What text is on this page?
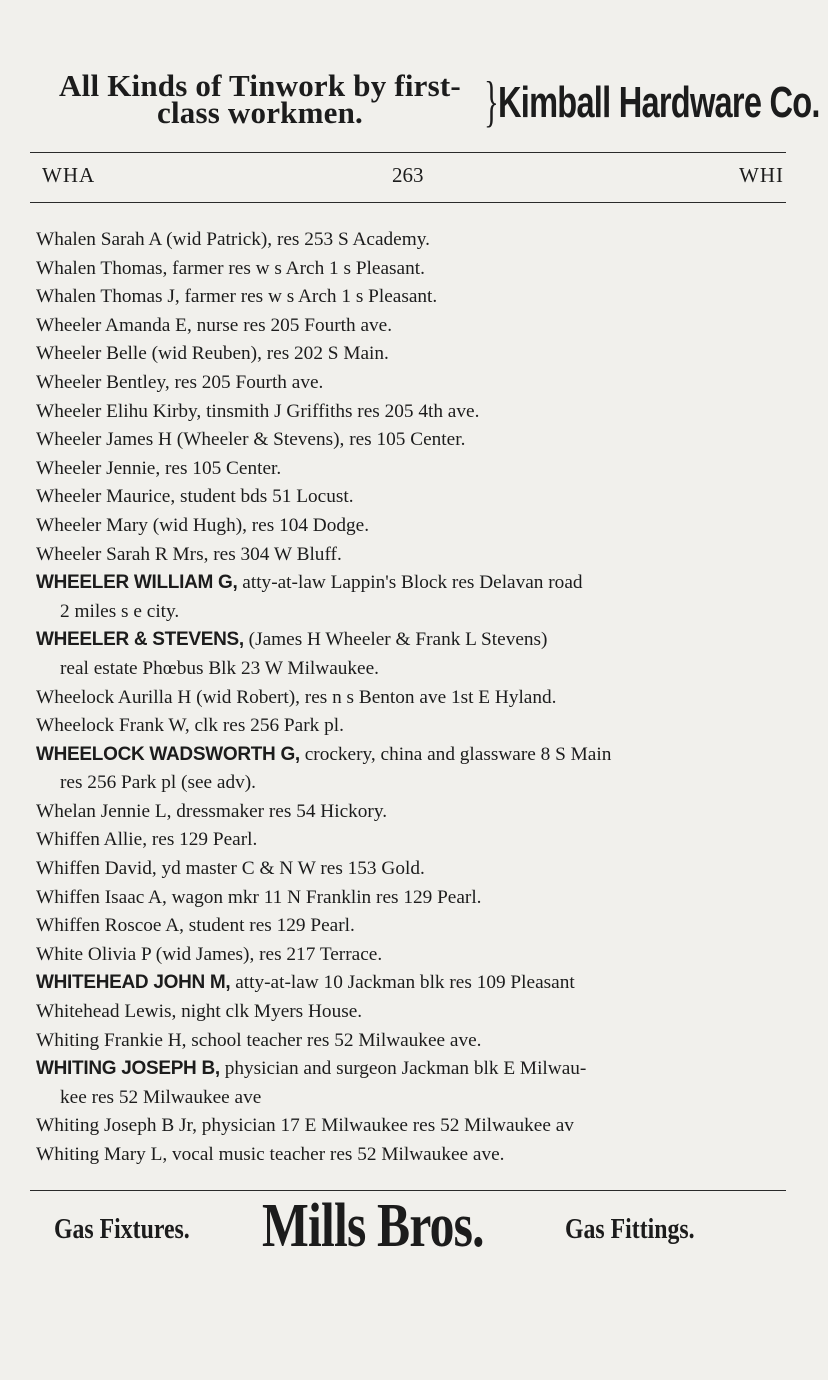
All Kinds of Tinwork by first-
class workmen.	} Kimball Hardware Co.
WHA	263	WHI
Whalen Sarah A (wid Patrick), res 253 S Academy.
Whalen Thomas, farmer res w s Arch 1 s Pleasant.
Whalen Thomas J, farmer res w s Arch 1 s Pleasant.
Wheeler Amanda E, nurse res 205 Fourth ave.
Wheeler Belle (wid Reuben), res 202 S Main.
Wheeler Bentley, res 205 Fourth ave.
Wheeler Elihu Kirby, tinsmith J Griffiths res 205 4th ave.
Wheeler James H (Wheeler & Stevens), res 105 Center.
Wheeler Jennie, res 105 Center.
Wheeler Maurice, student bds 51 Locust.
Wheeler Mary (wid Hugh), res 104 Dodge.
Wheeler Sarah R Mrs, res 304 W Bluff.
WHEELER WILLIAM G, atty-at-law Lappin's Block res Delavan road
2 miles s e city.
WHEELER & STEVENS, (James H Wheeler & Frank L Stevens)
real estate Phœbus Blk 23 W Milwaukee.
Wheelock Aurilla H (wid Robert), res n s Benton ave 1st E Hyland.
Wheelock Frank W, clk res 256 Park pl.
WHEELOCK WADSWORTH G, crockery, china and glassware 8 S Main
res 256 Park pl (see adv).
Whelan Jennie L, dressmaker res 54 Hickory.
Whiffen Allie, res 129 Pearl.
Whiffen David, yd master C & N W res 153 Gold.
Whiffen Isaac A, wagon mkr 11 N Franklin res 129 Pearl.
Whiffen Roscoe A, student res 129 Pearl.
White Olivia P (wid James), res 217 Terrace.
WHITEHEAD JOHN M, atty-at-law 10 Jackman blk res 109 Pleasant
Whitehead Lewis, night clk Myers House.
Whiting Frankie H, school teacher res 52 Milwaukee ave.
WHITING JOSEPH B, physician and surgeon Jackman blk E Milwau-
kee res 52 Milwaukee ave
Whiting Joseph B Jr, physician 17 E Milwaukee res 52 Milwaukee av
Whiting Mary L, vocal music teacher res 52 Milwaukee ave.
Gas Fixtures. Mills Bros.	Gas Fittings.
